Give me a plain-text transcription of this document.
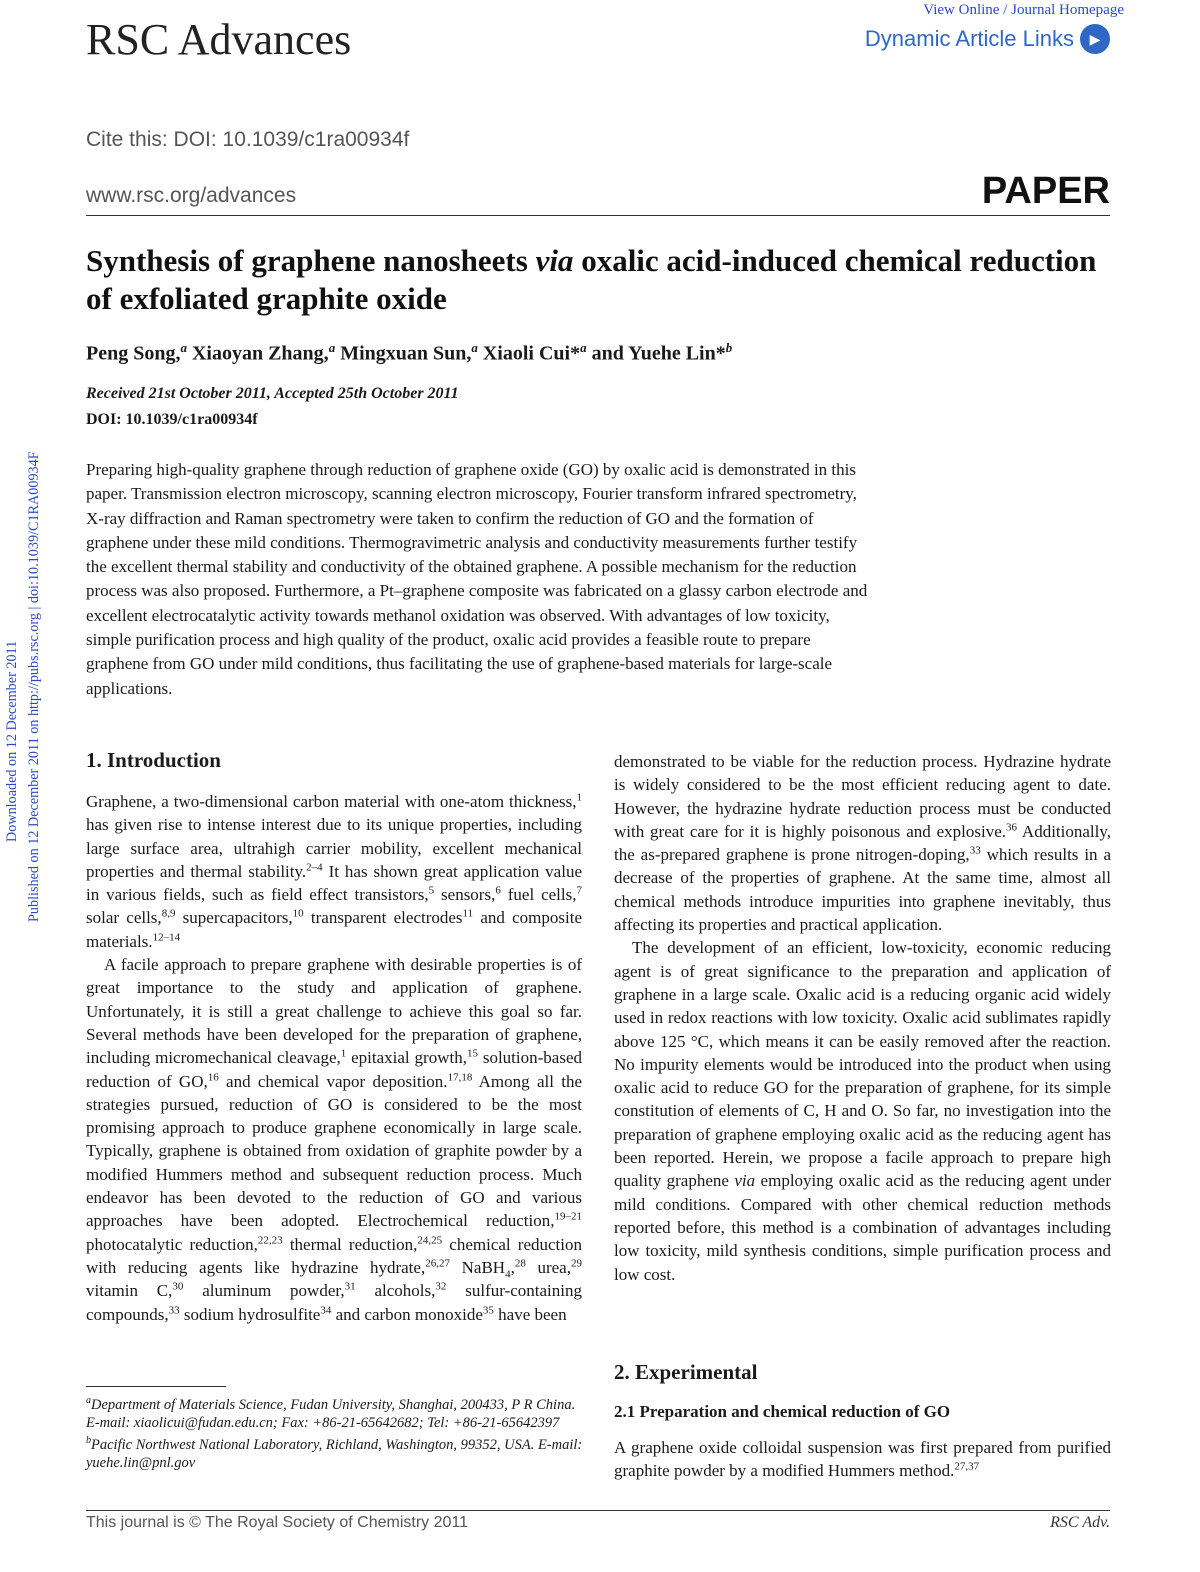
RSC Advances
View Online / Journal Homepage
Dynamic Article Links	▶
Cite this: DOI: 10.1039/c1ra00934f
www.rsc.org/advances	PAPER
Published on 12 December 2011 on http://pubs.rsc.org | doi:10.1039/C1RA00934F
Downloaded on 12 December 2011
Synthesis of graphene nanosheets via oxalic acid-induced chemical reduction of exfoliated graphite oxide
Peng Song,$^a$ Xiaoyan Zhang,$^a$ Mingxuan Sun,$^a$ Xiaoli Cui*$^a$ and Yuehe Lin*$^b$
Received 21st October 2011, Accepted 25th October 2011
DOI: 10.1039/c1ra00934f
Preparing high-quality graphene through reduction of graphene oxide (GO) by oxalic acid is demonstrated in this paper. Transmission electron microscopy, scanning electron microscopy, Fourier transform infrared spectrometry, X-ray diffraction and Raman spectrometry were taken to confirm the reduction of GO and the formation of graphene under these mild conditions. Thermogravimetric analysis and conductivity measurements further testify the excellent thermal stability and conductivity of the obtained graphene. A possible mechanism for the reduction process was also proposed. Furthermore, a Pt–graphene composite was fabricated on a glassy carbon electrode and excellent electrocatalytic activity towards methanol oxidation was observed. With advantages of low toxicity, simple purification process and high quality of the product, oxalic acid provides a feasible route to prepare graphene from GO under mild conditions, thus facilitating the use of graphene-based materials for large-scale applications.
1. Introduction

Graphene, a two-dimensional carbon material with one-atom thickness,$^1$ has given rise to intense interest due to its unique properties, including large surface area, ultrahigh carrier mobility, excellent mechanical properties and thermal stability.$^{2-4}$ It has shown great application value in various fields, such as field effect transistors,$^5$ sensors,$^6$ fuel cells,$^7$ solar cells,$^{8,9}$ supercapacitors,$^{10}$ transparent electrodes$^{11}$ and composite materials.$^{12-14}$

A facile approach to prepare graphene with desirable properties is of great importance to the study and application of graphene. Unfortunately, it is still a great challenge to achieve this goal so far. Several methods have been developed for the preparation of graphene, including micromechanical cleavage,$^1$ epitaxial growth,$^{15}$ solution-based reduction of GO,$^{16}$ and chemical vapor deposition.$^{17,18}$ Among all the strategies pursued, reduction of GO is considered to be the most promising approach to produce graphene economically in large scale. Typically, graphene is obtained from oxidation of graphite powder by a modified Hummers method and subsequent reduction process. Much endeavor has been devoted to the reduction of GO and various approaches have been adopted. Electrochemical reduction,$^{19-21}$ photocatalytic reduction,$^{22,23}$ thermal reduction,$^{24,25}$ chemical reduction with reducing agents like hydrazine hydrate,$^{26,27}$ NaBH$_4$,$^{28}$ urea,$^{29}$ vitamin C,$^{30}$ aluminum powder,$^{31}$ alcohols,$^{32}$ sulfur-containing compounds,$^{33}$ sodium hydrosulfite$^{34}$ and carbon monoxide$^{35}$ have been

demonstrated to be viable for the reduction process. Hydrazine hydrate is widely considered to be the most efficient reducing agent to date. However, the hydrazine hydrate reduction process must be conducted with great care for it is highly poisonous and explosive.$^{36}$ Additionally, the as-prepared graphene is prone nitrogen-doping,$^{33}$ which results in a decrease of the properties of graphene. At the same time, almost all chemical methods introduce impurities into graphene inevitably, thus affecting its properties and practical application.

The development of an efficient, low-toxicity, economic reducing agent is of great significance to the preparation and application of graphene in a large scale. Oxalic acid is a reducing organic acid widely used in redox reactions with low toxicity. Oxalic acid sublimates rapidly above 125 °C, which means it can be easily removed after the reaction. No impurity elements would be introduced into the product when using oxalic acid to reduce GO for the preparation of graphene, for its simple constitution of elements of C, H and O. So far, no investigation into the preparation of graphene employing oxalic acid as the reducing agent has been reported. Herein, we propose a facile approach to prepare high quality graphene via employing oxalic acid as the reducing agent under mild conditions. Compared with other chemical reduction methods reported before, this method is a combination of advantages including low toxicity, mild synthesis conditions, simple purification process and low cost.

2. Experimental
2.1 Preparation and chemical reduction of GO
A graphene oxide colloidal suspension was first prepared from purified graphite powder by a modified Hummers method.$^{27,37}$

$^a$Department of Materials Science, Fudan University, Shanghai, 200433, P R China. E-mail: xiaolicui@fudan.edu.cn; Fax: +86-21-65642682; Tel: +86-21-65642397

$^b$Pacific Northwest National Laboratory, Richland, Washington, 99352, USA. E-mail: yuehe.lin@pnl.gov

This journal is © The Royal Society of Chemistry 2011	RSC Adv.
